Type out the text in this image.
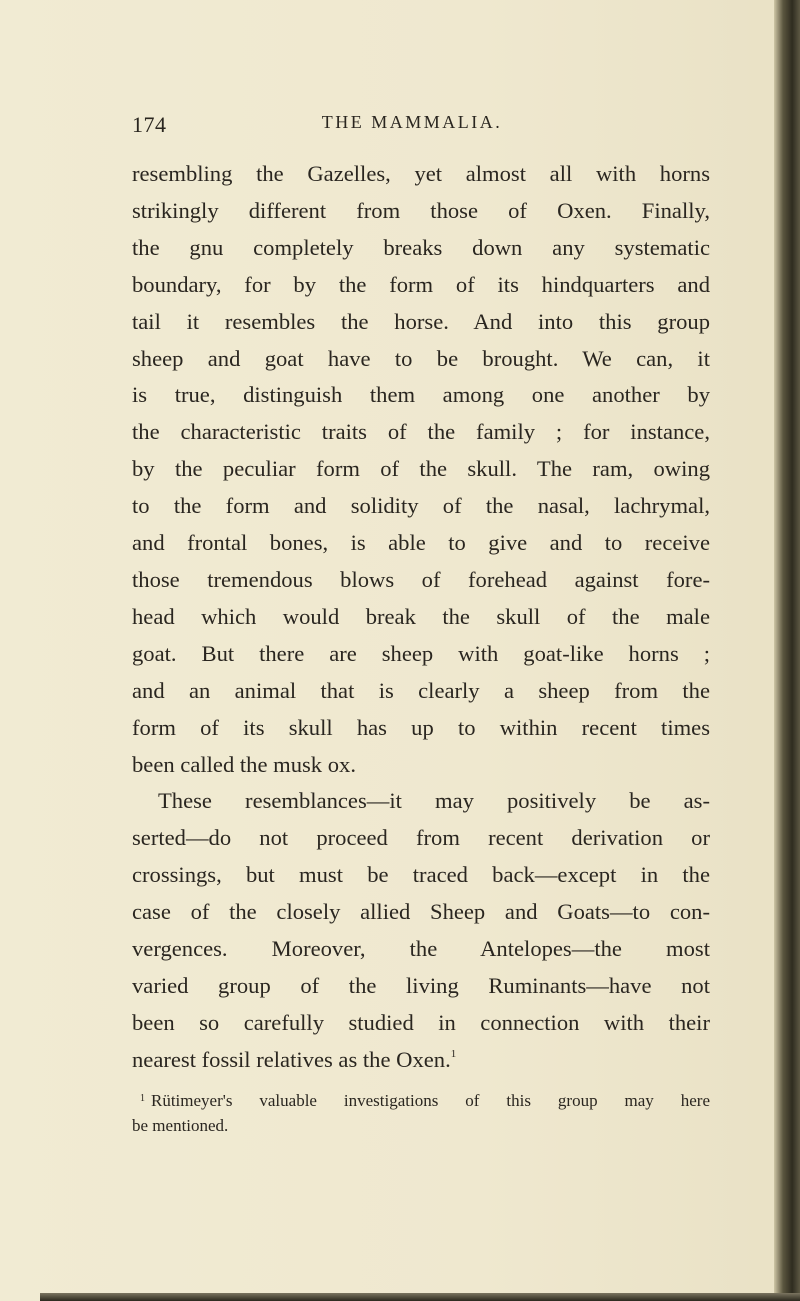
174	THE MAMMALIA.
resembling the Gazelles, yet almost all with horns
strikingly different from those of Oxen. Finally,
the gnu completely breaks down any systematic
boundary, for by the form of its hindquarters and
tail it resembles the horse. And into this group
sheep and goat have to be brought. We can, it
is true, distinguish them among one another by
the characteristic traits of the family ; for instance,
by the peculiar form of the skull. The ram, owing
to the form and solidity of the nasal, lachrymal,
and frontal bones, is able to give and to receive
those tremendous blows of forehead against fore-
head which would break the skull of the male
goat. But there are sheep with goat-like horns ;
and an animal that is clearly a sheep from the
form of its skull has up to within recent times
been called the musk ox.
These resemblances—it may positively be as-
serted—do not proceed from recent derivation or
crossings, but must be traced back—except in the
case of the closely allied Sheep and Goats—to con-
vergences. Moreover, the Antelopes—the most
varied group of the living Ruminants—have not
been so carefully studied in connection with their
nearest fossil relatives as the Oxen.$^1$
$^1$ Rütimeyer's valuable investigations of this group may here
be mentioned.
